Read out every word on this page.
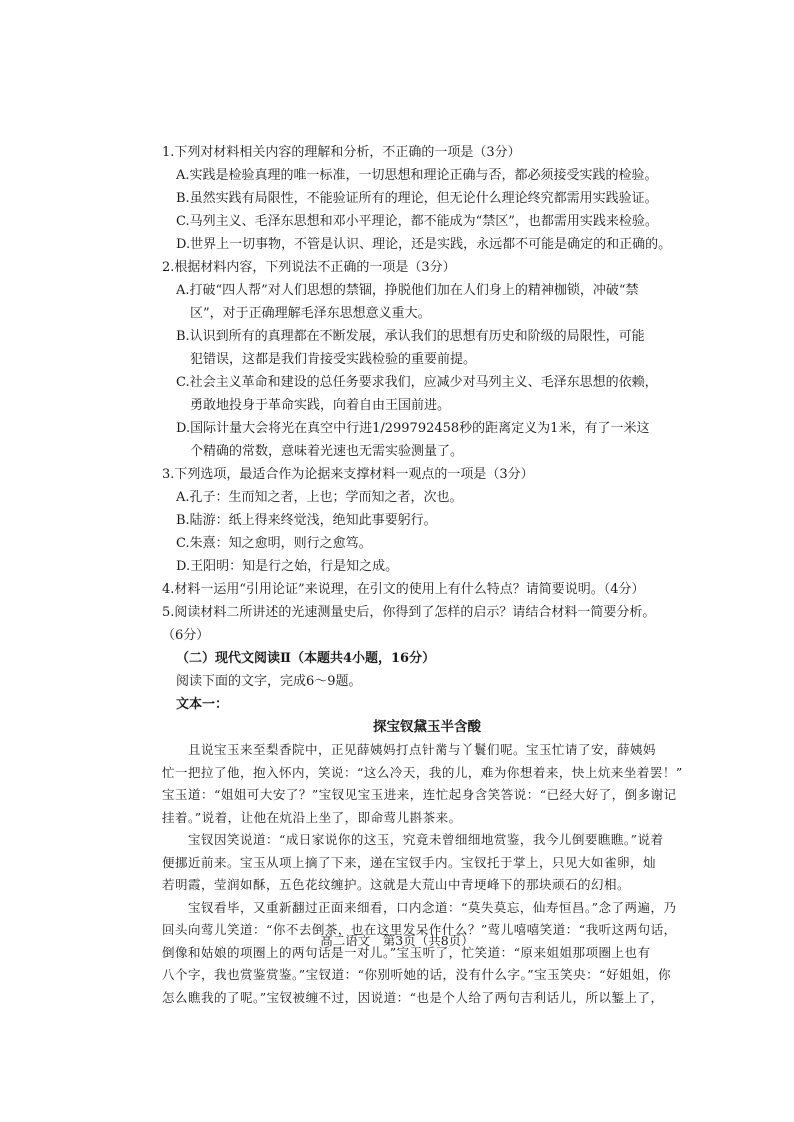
1.下列对材料相关内容的理解和分析，不正确的一项是（3分）
A.实践是检验真理的唯一标准，一切思想和理论正确与否，都必须接受实践的检验。
B.虽然实践有局限性，不能验证所有的理论，但无论什么理论终究都需用实践验证。
C.马列主义、毛泽东思想和邓小平理论，都不能成为“禁区”，也都需用实践来检验。
D.世界上一切事物，不管是认识、理论，还是实践，永远都不可能是确定的和正确的。
2.根据材料内容，下列说法不正确的一项是（3分）
A.打破“四人帮”对人们思想的禁锢，挣脱他们加在人们身上的精神枷锁，冲破“禁
区”，对于正确理解毛泽东思想意义重大。
B.认识到所有的真理都在不断发展，承认我们的思想有历史和阶级的局限性，可能
犯错误，这都是我们肯接受实践检验的重要前提。
C.社会主义革命和建设的总任务要求我们，应减少对马列主义、毛泽东思想的依赖，
勇敢地投身于革命实践，向着自由王国前进。
D.国际计量大会将光在真空中行进1/299792458秒的距离定义为1米，有了一米这
个精确的常数，意味着光速也无需实验测量了。
3.下列选项，最适合作为论据来支撑材料一观点的一项是（3分）
A.孔子：生而知之者，上也；学而知之者，次也。
B.陆游：纸上得来终觉浅，绝知此事要躬行。
C.朱熹：知之愈明，则行之愈笃。
D.王阳明：知是行之始，行是知之成。
4.材料一运用“引用论证”来说理，在引文的使用上有什么特点？请简要说明。（4分）
5.阅读材料二所讲述的光速测量史后，你得到了怎样的启示？请结合材料一简要分析。
（6分）
（二）现代文阅读Ⅱ（本题共4小题，16分）
阅读下面的文字，完成6～9题。
文本一：
探宝钗黛玉半含酸
且说宝玉来至梨香院中，正见薛姨妈打点针黹与丫鬟们呢。宝玉忙请了安，薛姨妈
忙一把拉了他，抱入怀内，笑说：“这么冷天，我的儿，难为你想着来，快上炕来坐着罢！”
宝玉道：“姐姐可大安了？”宝钗见宝玉进来，连忙起身含笑答说：“已经大好了，倒多谢记
挂着。”说着，让他在炕沿上坐了，即命莺儿斟茶来。
宝钗因笑说道：“成日家说你的这玉，究竟未曾细细地赏鉴，我今儿倒要瞧瞧。”说着
便挪近前来。宝玉从项上摘了下来，递在宝钗手内。宝钗托于掌上，只见大如雀卵，灿
若明霞，莹润如酥，五色花纹缠护。这就是大荒山中青埂峰下的那块顽石的幻相。
宝钗看毕，又重新翻过正面来细看，口内念道：“莫失莫忘，仙寿恒昌。”念了两遍，乃
回头向莺儿笑道：“你不去倒茶，也在这里发呆作什么？”莺儿嘻嘻笑道：“我听这两句话，
倒像和姑娘的项圈上的两句话是一对儿。”宝玉听了，忙笑道：“原来姐姐那项圈上也有
八个字，我也赏鉴赏鉴。”宝钗道：“你别听她的话，没有什么字。”宝玉笑央：“好姐姐，你
怎么瞧我的了呢。”宝钗被缠不过，因说道：“也是个人给了两句吉利话儿，所以錾上了，
高二语文　第3页（共8页）
